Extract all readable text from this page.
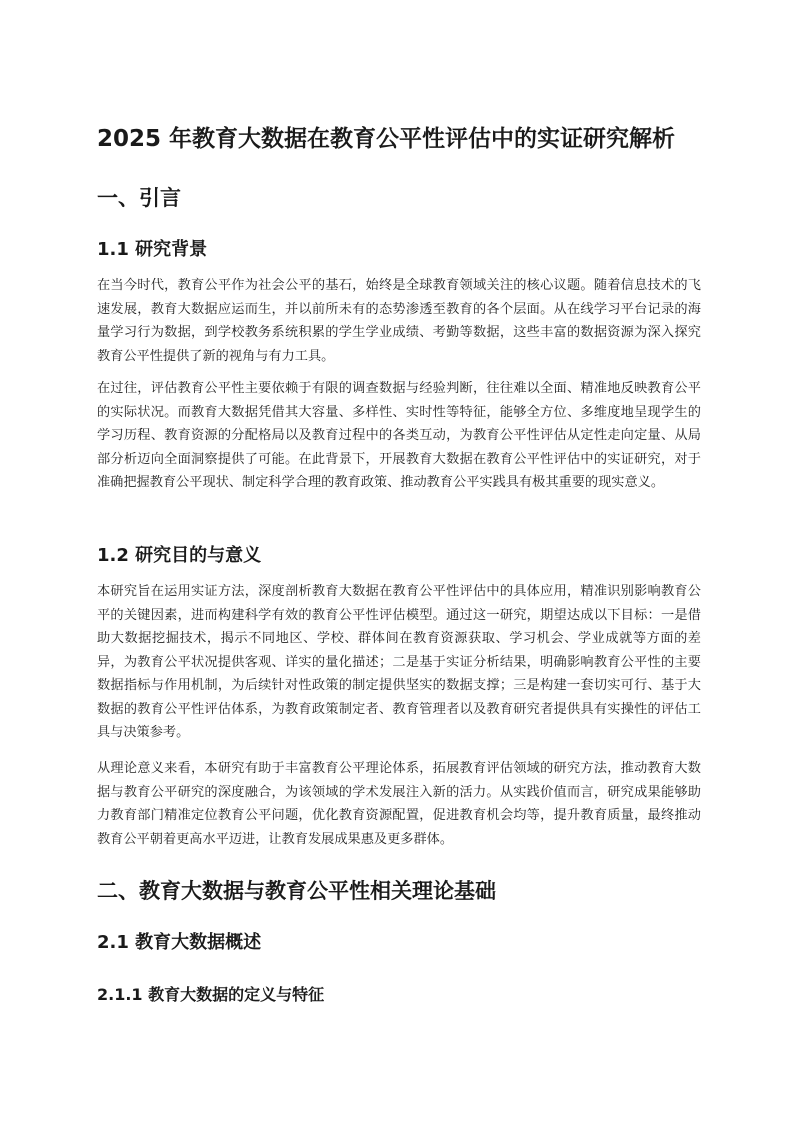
2025 年教育大数据在教育公平性评估中的实证研究解析
一、引言
1.1 研究背景

在当今时代，教育公平作为社会公平的基石，始终是全球教育领域关注的核心议题。随着信息技术的飞速发展，教育大数据应运而生，并以前所未有的态势渗透至教育的各个层面。从在线学习平台记录的海量学习行为数据，到学校教务系统积累的学生学业成绩、考勤等数据，这些丰富的数据资源为深入探究教育公平性提供了新的视角与有力工具。

在过往，评估教育公平性主要依赖于有限的调查数据与经验判断，往往难以全面、精准地反映教育公平的实际状况。而教育大数据凭借其大容量、多样性、实时性等特征，能够全方位、多维度地呈现学生的学习历程、教育资源的分配格局以及教育过程中的各类互动，为教育公平性评估从定性走向定量、从局部分析迈向全面洞察提供了可能。在此背景下，开展教育大数据在教育公平性评估中的实证研究，对于准确把握教育公平现状、制定科学合理的教育政策、推动教育公平实践具有极其重要的现实意义。

1.2 研究目的与意义

本研究旨在运用实证方法，深度剖析教育大数据在教育公平性评估中的具体应用，精准识别影响教育公平的关键因素，进而构建科学有效的教育公平性评估模型。通过这一研究，期望达成以下目标：一是借助大数据挖掘技术，揭示不同地区、学校、群体间在教育资源获取、学习机会、学业成就等方面的差异，为教育公平状况提供客观、详实的量化描述；二是基于实证分析结果，明确影响教育公平性的主要数据指标与作用机制，为后续针对性政策的制定提供坚实的数据支撑；三是构建一套切实可行、基于大数据的教育公平性评估体系，为教育政策制定者、教育管理者以及教育研究者提供具有实操性的评估工具与决策参考。

从理论意义来看，本研究有助于丰富教育公平理论体系，拓展教育评估领域的研究方法，推动教育大数据与教育公平研究的深度融合，为该领域的学术发展注入新的活力。从实践价值而言，研究成果能够助力教育部门精准定位教育公平问题，优化教育资源配置，促进教育机会均等，提升教育质量，最终推动教育公平朝着更高水平迈进，让教育发展成果惠及更多群体。

二、教育大数据与教育公平性相关理论基础
2.1 教育大数据概述
2.1.1 教育大数据的定义与特征
